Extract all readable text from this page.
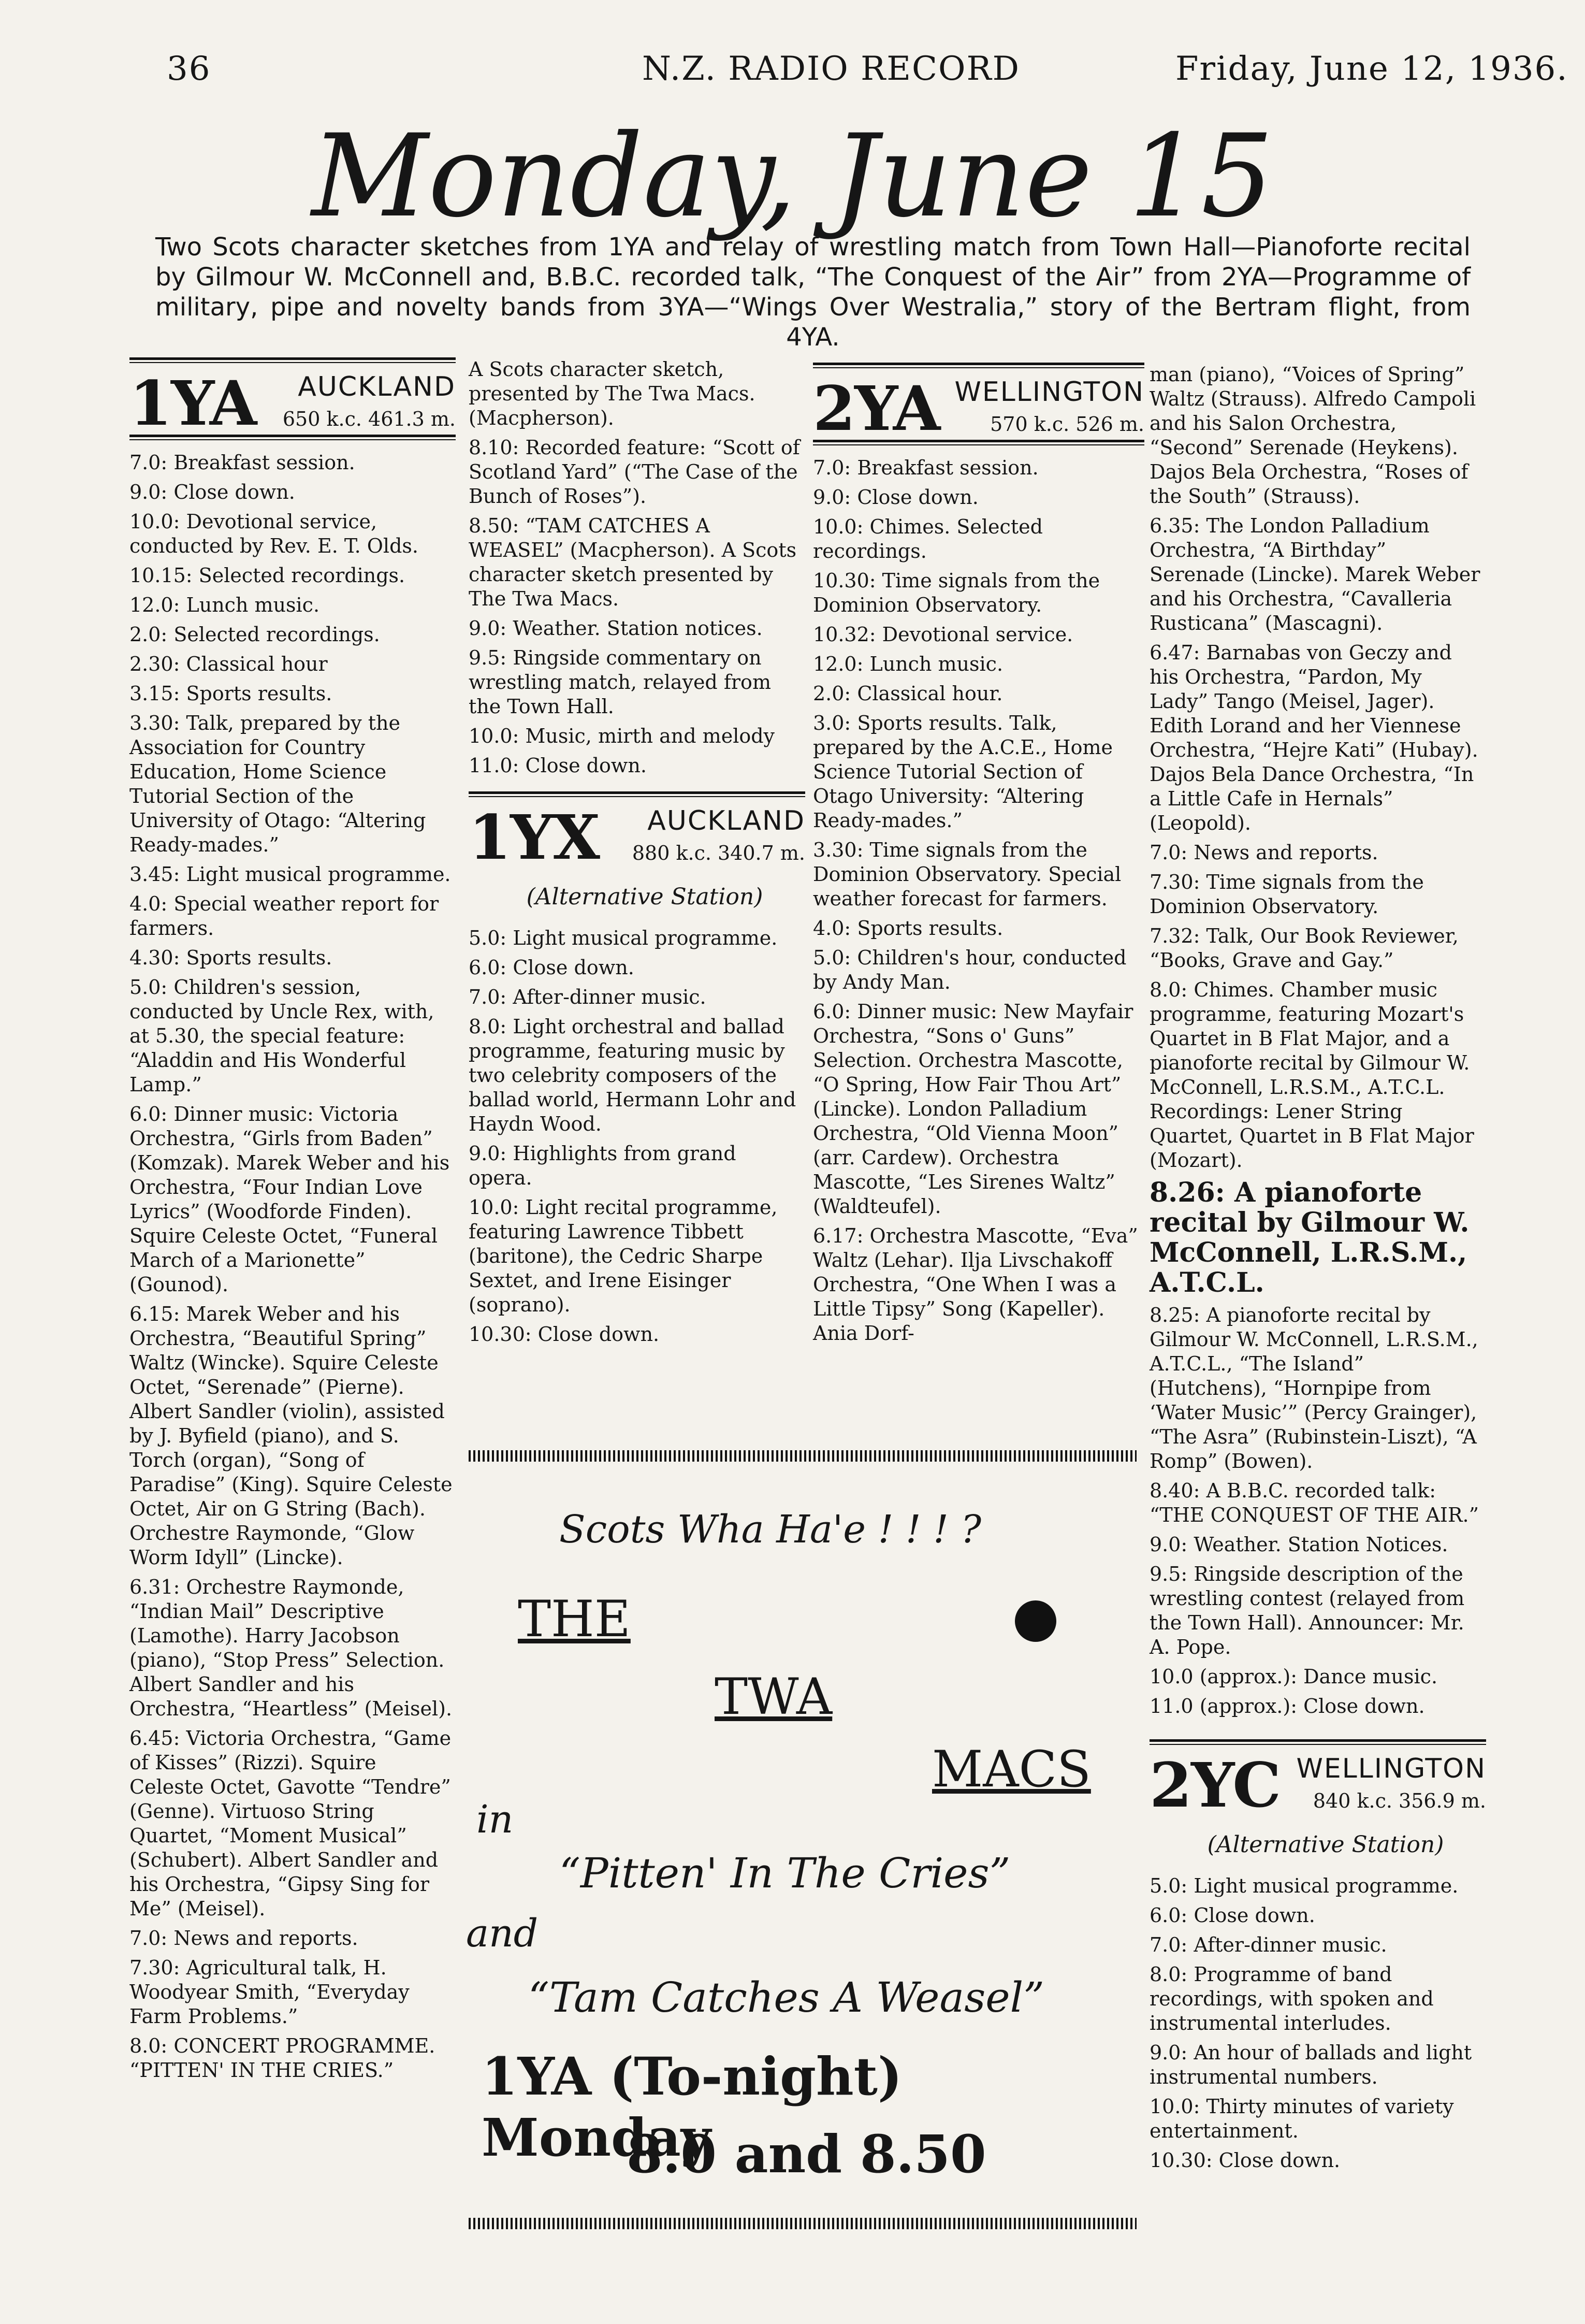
36	N.Z. RADIO RECORD	Friday, June 12, 1936.
Monday, June 15
Two Scots character sketches from 1YA and relay of wrestling match from Town Hall—Pianoforte recital by Gilmour W. McConnell and, B.B.C. recorded talk, “The Conquest of the Air” from 2YA—Programme of military, pipe and novelty bands from 3YA—“Wings Over Westralia,” story of the Bertram flight, from 4YA.
1YA AUCKLAND
650 k.c. 461.3 m.

7.0: Breakfast session.

9.0: Close down.

10.0: Devotional service, conducted by Rev. E. T. Olds.

10.15: Selected recordings.

12.0: Lunch music.

2.0: Selected recordings.

2.30: Classical hour

3.15: Sports results.

3.30: Talk, prepared by the Association for Country Education, Home Science Tutorial Section of the University of Otago: “Altering Ready-mades.”

3.45: Light musical programme.

4.0: Special weather report for farmers.

4.30: Sports results.

5.0: Children's session, conducted by Uncle Rex, with, at 5.30, the special feature: “Aladdin and His Wonderful Lamp.”

6.0: Dinner music: Victoria Orchestra, “Girls from Baden” (Komzak). Marek Weber and his Orchestra, “Four Indian Love Lyrics” (Woodforde Finden). Squire Celeste Octet, “Funeral March of a Marionette” (Gounod).

6.15: Marek Weber and his Orchestra, “Beautiful Spring” Waltz (Wincke). Squire Celeste Octet, “Serenade” (Pierne). Albert Sandler (violin), assisted by J. Byfield (piano), and S. Torch (organ), “Song of Paradise” (King). Squire Celeste Octet, Air on G String (Bach). Orchestre Raymonde, “Glow Worm Idyll” (Lincke).

6.31: Orchestre Raymonde, “Indian Mail” Descriptive (Lamothe). Harry Jacobson (piano), “Stop Press” Selection. Albert Sandler and his Orchestra, “Heartless” (Meisel).

6.45: Victoria Orchestra, “Game of Kisses” (Rizzi). Squire Celeste Octet, Gavotte “Tendre” (Genne). Virtuoso String Quartet, “Moment Musical” (Schubert). Albert Sandler and his Orchestra, “Gipsy Sing for Me” (Meisel).

7.0: News and reports.

7.30: Agricultural talk, H. Woodyear Smith, “Everyday Farm Problems.”

8.0: CONCERT PROGRAMME. “PITTEN' IN THE CRIES.”

A Scots character sketch, presented by The Twa Macs. (Macpherson).

8.10: Recorded feature: “Scott of Scotland Yard” (“The Case of the Bunch of Roses”).

8.50: “TAM CATCHES A WEASEL” (Macpherson). A Scots character sketch presented by The Twa Macs.

9.0: Weather. Station notices.

9.5: Ringside commentary on wrestling match, relayed from the Town Hall.

10.0: Music, mirth and melody

11.0: Close down.

1YX AUCKLAND
880 k.c. 340.7 m.
(Alternative Station)

5.0: Light musical programme.

6.0: Close down.

7.0: After-dinner music.

8.0: Light orchestral and ballad programme, featuring music by two celebrity composers of the ballad world, Hermann Lohr and Haydn Wood.

9.0: Highlights from grand opera.

10.0: Light recital programme, featuring Lawrence Tibbett (baritone), the Cedric Sharpe Sextet, and Irene Eisinger (soprano).

10.30: Close down.

2YA WELLINGTON
570 k.c. 526 m.

7.0: Breakfast session.

9.0: Close down.

10.0: Chimes. Selected recordings.

10.30: Time signals from the Dominion Observatory.

10.32: Devotional service.

12.0: Lunch music.

2.0: Classical hour.

3.0: Sports results. Talk, prepared by the A.C.E., Home Science Tutorial Section of Otago University: “Altering Ready-mades.”

3.30: Time signals from the Dominion Observatory. Special weather forecast for farmers.

4.0: Sports results.

5.0: Children's hour, conducted by Andy Man.

6.0: Dinner music: New Mayfair Orchestra, “Sons o' Guns” Selection. Orchestra Mascotte, “O Spring, How Fair Thou Art” (Lincke). London Palladium Orchestra, “Old Vienna Moon” (arr. Cardew). Orchestra Mascotte, “Les Sirenes Waltz” (Waldteufel).

6.17: Orchestra Mascotte, “Eva” Waltz (Lehar). Ilja Livschakoff Orchestra, “One When I was a Little Tipsy” Song (Kapeller). Ania Dorf-

man (piano), “Voices of Spring” Waltz (Strauss). Alfredo Campoli and his Salon Orchestra, “Second” Serenade (Heykens). Dajos Bela Orchestra, “Roses of the South” (Strauss).

6.35: The London Palladium Orchestra, “A Birthday” Serenade (Lincke). Marek Weber and his Orchestra, “Cavalleria Rusticana” (Mascagni).

6.47: Barnabas von Geczy and his Orchestra, “Pardon, My Lady” Tango (Meisel, Jager). Edith Lorand and her Viennese Orchestra, “Hejre Kati” (Hubay). Dajos Bela Dance Orchestra, “In a Little Cafe in Hernals” (Leopold).

7.0: News and reports.

7.30: Time signals from the Dominion Observatory.

7.32: Talk, Our Book Reviewer, “Books, Grave and Gay.”

8.0: Chimes. Chamber music programme, featuring Mozart's Quartet in B Flat Major, and a pianoforte recital by Gilmour W. McConnell, L.R.S.M., A.T.C.L. Recordings: Lener String Quartet, Quartet in B Flat Major (Mozart).

8.26: A pianoforte recital by Gilmour W. McConnell, L.R.S.M., A.T.C.L.

8.25: A pianoforte recital by Gilmour W. McConnell, L.R.S.M., A.T.C.L., “The Island” (Hutchens), “Hornpipe from ‘Water Music’” (Percy Grainger), “The Asra” (Rubinstein-Liszt), “A Romp” (Bowen).

8.40: A B.B.C. recorded talk: “THE CONQUEST OF THE AIR.”

9.0: Weather. Station Notices.

9.5: Ringside description of the wrestling contest (relayed from the Town Hall). Announcer: Mr. A. Pope.

10.0 (approx.): Dance music.

11.0 (approx.): Close down.

2YC WELLINGTON
840 k.c. 356.9 m.
(Alternative Station)

5.0: Light musical programme.

6.0: Close down.

7.0: After-dinner music.

8.0: Programme of band recordings, with spoken and instrumental interludes.

9.0: An hour of ballads and light instrumental numbers.

10.0: Thirty minutes of variety entertainment.

10.30: Close down.

Scots Wha Ha'e ! ! ! ?
THE
TWA
MACS
in
“Pitten' In The Cries”
and
“Tam Catches A Weasel”
1YA (To-night) Monday
8.0 and 8.50
